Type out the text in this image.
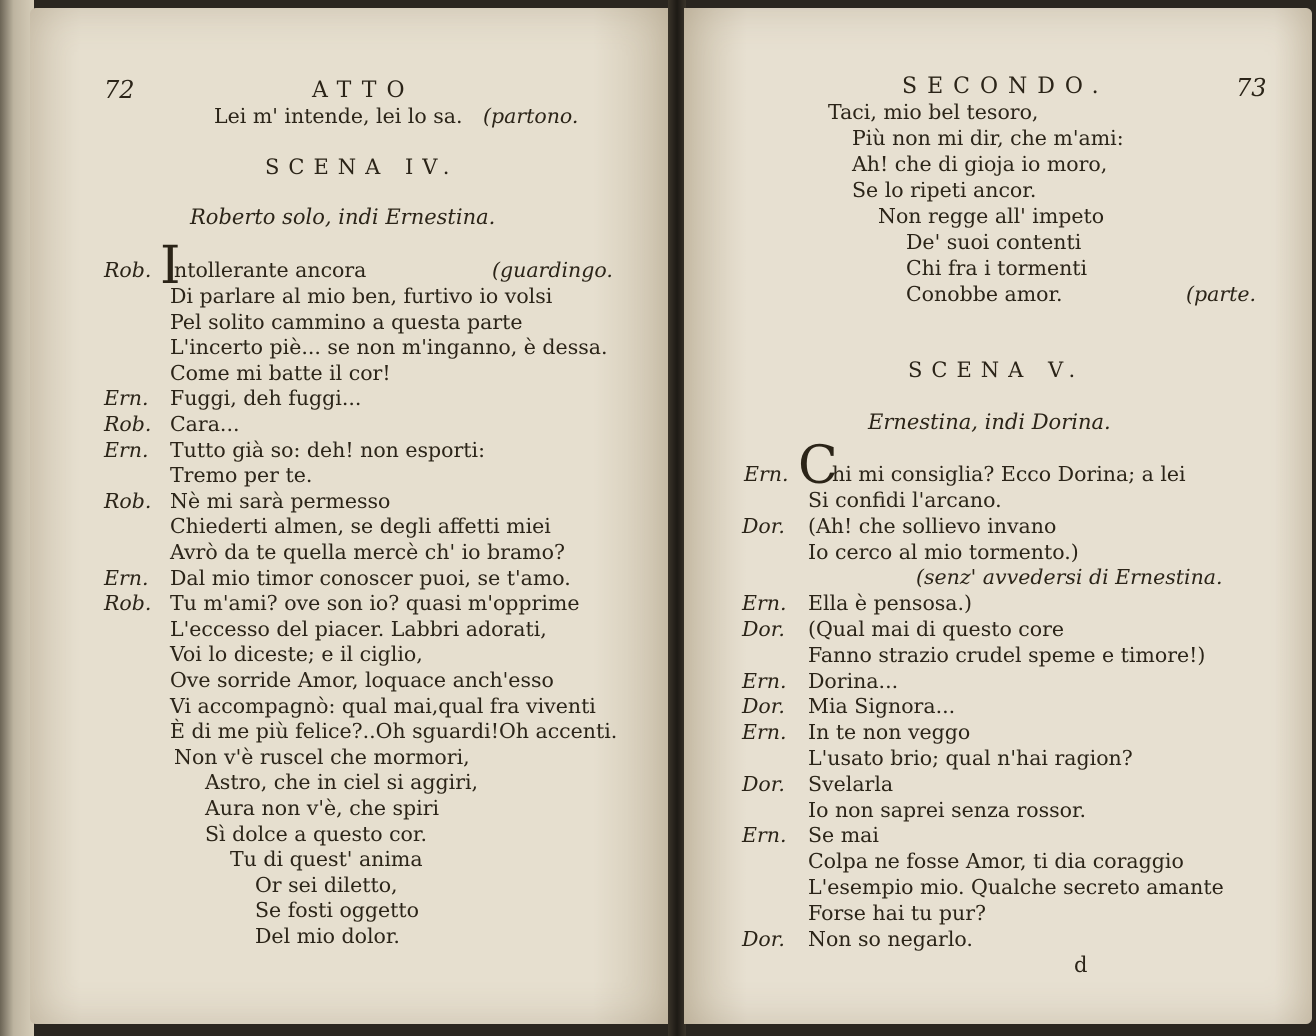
72	ATTO
Lei m' intende, lei lo sa. (partono.
SCENA IV.
Roberto solo, indi Ernestina.
Rob. I
ntollerante ancora	(guardingo.
Di parlare al mio ben, furtivo io volsi
Pel solito cammino a questa parte
L'incerto piè... se non m'inganno, è dessa.
Come mi batte il cor!
Ern. Fuggi, deh fuggi...
Rob. Cara...
Ern. Tutto già so: deh! non esporti:
Tremo per te.
Rob. Nè mi sarà permesso
Chiederti almen, se degli affetti miei
Avrò da te quella mercè ch' io bramo?
Ern. Dal mio timor conoscer puoi, se t'amo.
Rob. Tu m'ami? ove son io? quasi m'opprime
L'eccesso del piacer. Labbri adorati,
Voi lo diceste; e il ciglio,
Ove sorride Amor, loquace anch'esso
Vi accompagnò: qual mai,qual fra viventi
È di me più felice?..Oh sguardi!Oh accenti.
Non v'è ruscel che mormori,
Astro, che in ciel si aggiri,
Aura non v'è, che spiri
Sì dolce a questo cor.
Tu di quest' anima
Or sei diletto,
Se fosti oggetto
Del mio dolor.
SECONDO.	73
Taci, mio bel tesoro,
Più non mi dir, che m'ami:
Ah! che di gioja io moro,
Se lo ripeti ancor.
Non regge all' impeto
De' suoi contenti
Chi fra i tormenti
Conobbe amor.	(parte.
SCENA V.
Ernestina, indi Dorina.
Ern. C
hi mi consiglia? Ecco Dorina; a lei
Si confidi l'arcano.
Dor. (Ah! che sollievo invano
Io cerco al mio tormento.)
(senz' avvedersi di Ernestina.
Ern. Ella è pensosa.)
Dor. (Qual mai di questo core
Fanno strazio crudel speme e timore!)
Ern. Dorina...
Dor. Mia Signora...
Ern. In te non veggo
L'usato brio; qual n'hai ragion?
Dor. Svelarla
Io non saprei senza rossor.
Ern. Se mai
Colpa ne fosse Amor, ti dia coraggio
L'esempio mio. Qualche secreto amante
Forse hai tu pur?
Dor. Non so negarlo.
d
